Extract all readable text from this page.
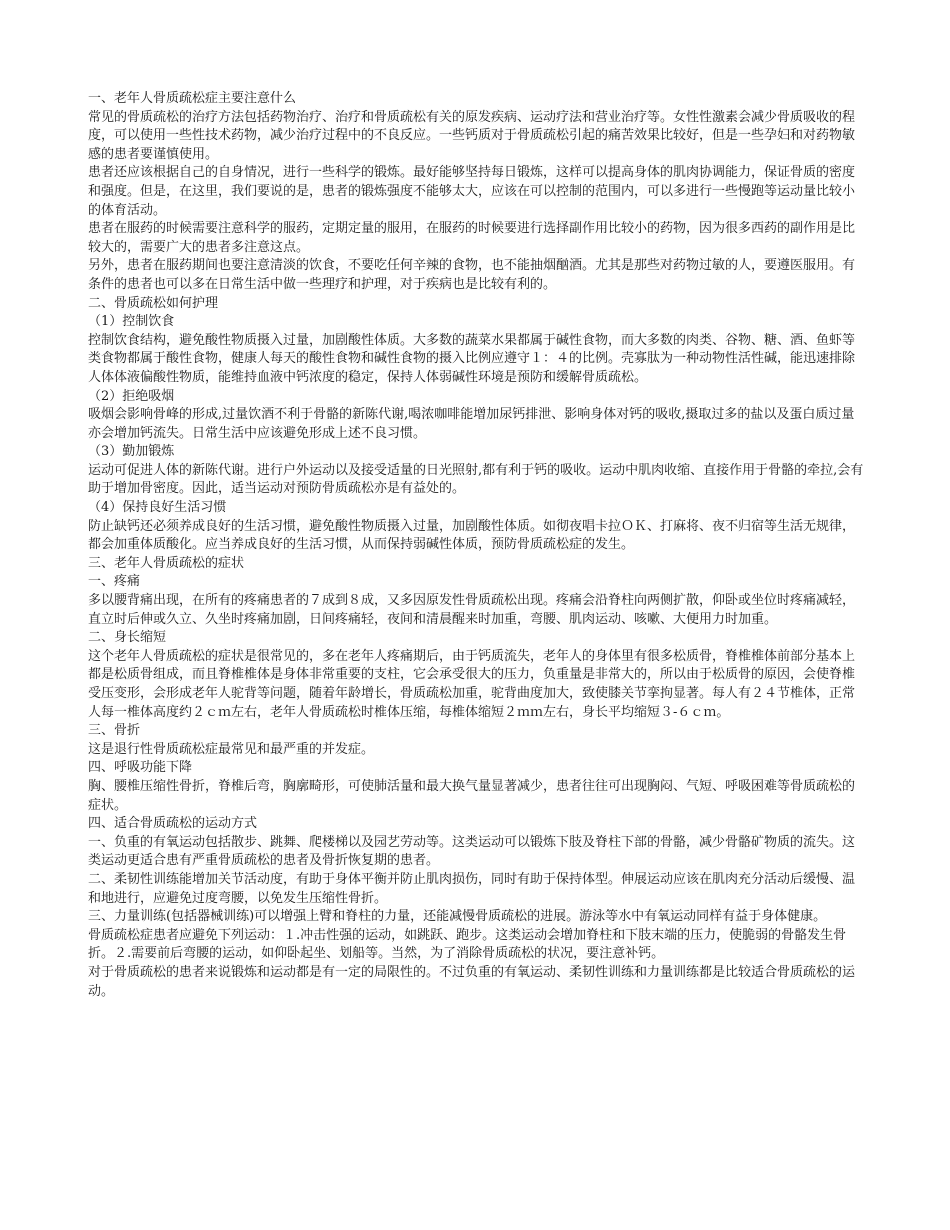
一、老年人骨质疏松症主要注意什么

常见的骨质疏松的治疗方法包括药物治疗、治疗和骨质疏松有关的原发疾病、运动疗法和营业治疗等。女性性激素会减少骨质吸收的程度，可以使用一些性技术药物，减少治疗过程中的不良反应。一些钙质对于骨质疏松引起的痛苦效果比较好，但是一些孕妇和对药物敏感的患者要谨慎使用。

患者还应该根据自己的自身情况，进行一些科学的锻炼。最好能够坚持每日锻炼，这样可以提高身体的肌肉协调能力，保证骨质的密度和强度。但是，在这里，我们要说的是，患者的锻炼强度不能够太大，应该在可以控制的范围内，可以多进行一些慢跑等运动量比较小的体育活动。

患者在服药的时候需要注意科学的服药，定期定量的服用，在服药的时候要进行选择副作用比较小的药物，因为很多西药的副作用是比较大的，需要广大的患者多注意这点。

另外，患者在服药期间也要注意清淡的饮食，不要吃任何辛辣的食物，也不能抽烟酗酒。尤其是那些对药物过敏的人，要遵医服用。有条件的患者也可以多在日常生活中做一些理疗和护理，对于疾病也是比较有利的。

二、骨质疏松如何护理

（1）控制饮食

控制饮食结构，避免酸性物质摄入过量，加剧酸性体质。大多数的蔬菜水果都属于碱性食物，而大多数的肉类、谷物、糖、酒、鱼虾等类食物都属于酸性食物，健康人每天的酸性食物和碱性食物的摄入比例应遵守１：４的比例。壳寡肽为一种动物性活性碱，能迅速排除人体体液偏酸性物质，能维持血液中钙浓度的稳定，保持人体弱碱性环境是预防和缓解骨质疏松。

（2）拒绝吸烟

吸烟会影响骨峰的形成,过量饮酒不利于骨骼的新陈代谢,喝浓咖啡能增加尿钙排泄、影响身体对钙的吸收,摄取过多的盐以及蛋白质过量亦会增加钙流失。日常生活中应该避免形成上述不良习惯。

（3）勤加锻炼

运动可促进人体的新陈代谢。进行户外运动以及接受适量的日光照射,都有利于钙的吸收。运动中肌肉收缩、直接作用于骨骼的牵拉,会有助于增加骨密度。因此，适当运动对预防骨质疏松亦是有益处的。

（4）保持良好生活习惯

防止缺钙还必须养成良好的生活习惯，避免酸性物质摄入过量，加剧酸性体质。如彻夜唱卡拉ＯＫ、打麻将、夜不归宿等生活无规律，都会加重体质酸化。应当养成良好的生活习惯，从而保持弱碱性体质，预防骨质疏松症的发生。

三、老年人骨质疏松的症状

一、疼痛

多以腰背痛出现，在所有的疼痛患者的７成到８成，又多因原发性骨质疏松出现。疼痛会沿脊柱向两侧扩散，仰卧或坐位时疼痛减轻，直立时后伸或久立、久坐时疼痛加剧，日间疼痛轻，夜间和清晨醒来时加重，弯腰、肌肉运动、咳嗽、大便用力时加重。

二、身长缩短

这个老年人骨质疏松的症状是很常见的，多在老年人疼痛期后，由于钙质流失，老年人的身体里有很多松质骨，脊椎椎体前部分基本上都是松质骨组成，而且脊椎椎体是身体非常重要的支柱，它会承受很大的压力，负重量是非常大的，所以由于松质骨的原因，会使脊椎受压变形，会形成老年人驼背等问题，随着年龄增长，骨质疏松加重，驼背曲度加大，致使膝关节挛拘显著。每人有２４节椎体，正常人每一椎体高度约２ｃｍ左右，老年人骨质疏松时椎体压缩，每椎体缩短２ｍｍ左右，身长平均缩短３-６ｃｍ。

三、骨折

这是退行性骨质疏松症最常见和最严重的并发症。

四、呼吸功能下降

胸、腰椎压缩性骨折，脊椎后弯，胸廓畸形，可使肺活量和最大换气量显著减少，患者往往可出现胸闷、气短、呼吸困难等骨质疏松的症状。

四、适合骨质疏松的运动方式

一、负重的有氧运动包括散步、跳舞、爬楼梯以及园艺劳动等。这类运动可以锻炼下肢及脊柱下部的骨骼，减少骨骼矿物质的流失。这类运动更适合患有严重骨质疏松的患者及骨折恢复期的患者。

二、柔韧性训练能增加关节活动度，有助于身体平衡并防止肌肉损伤，同时有助于保持体型。伸展运动应该在肌肉充分活动后缓慢、温和地进行，应避免过度弯腰，以免发生压缩性骨折。

三、力量训练(包括器械训练)可以增强上臂和脊柱的力量，还能减慢骨质疏松的进展。游泳等水中有氧运动同样有益于身体健康。

骨质疏松症患者应避免下列运动：１.冲击性强的运动，如跳跃、跑步。这类运动会增加脊柱和下肢末端的压力，使脆弱的骨骼发生骨折。２.需要前后弯腰的运动，如仰卧起坐、划船等。当然，为了消除骨质疏松的状况，要注意补钙。

对于骨质疏松的患者来说锻炼和运动都是有一定的局限性的。不过负重的有氧运动、柔韧性训练和力量训练都是比较适合骨质疏松的运动。
